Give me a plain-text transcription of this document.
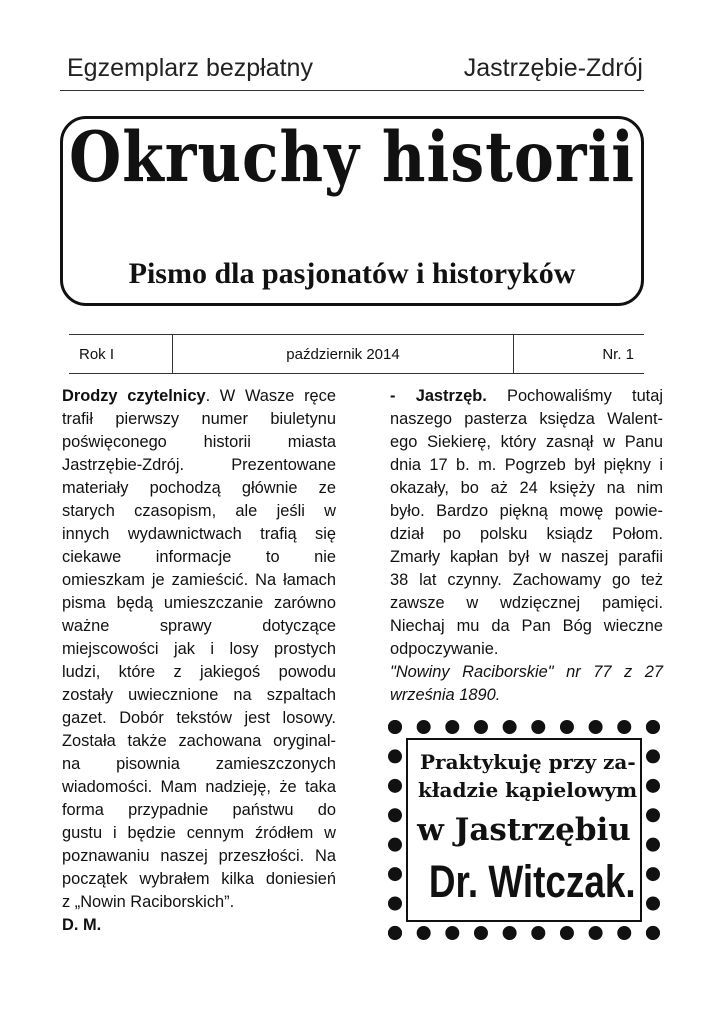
Egzemplarz bezpłatny	Jastrzębie-Zdrój
Okruchy historii
Pismo dla pasjonatów i historyków
Rok I	październik 2014	Nr. 1
Drodzy czytelnicy. W Wasze ręce
trafił pierwszy numer biuletynu
poświęconego historii miasta
Jastrzębie-Zdrój. Prezentowane
materiały pochodzą głównie ze
starych czasopism, ale jeśli w
innych wydawnictwach trafią się
ciekawe informacje to nie
omieszkam je zamieścić. Na łamach
pisma będą umieszczanie zarówno
ważne sprawy dotyczące
miejscowości jak i losy prostych
ludzi, które z jakiegoś powodu
zostały uwiecznione na szpaltach
gazet. Dobór tekstów jest losowy.
Została także zachowana oryginal-
na pisownia zamieszczonych
wiadomości. Mam nadzieję, że taka
forma przypadnie państwu do
gustu i będzie cennym źródłem w
poznawaniu naszej przeszłości. Na
początek wybrałem kilka doniesień
z „Nowin Raciborskich”.
D. M.
- Jastrzęb. Pochowaliśmy tutaj
naszego pasterza księdza Walent-
ego Siekierę, który zasnął w Panu
dnia 17 b. m. Pogrzeb był piękny i
okazały, bo aż 24 księży na nim
było. Bardzo piękną mowę powie-
dział po polsku ksiądz Połom.
Zmarły kapłan był w naszej parafii
38 lat czynny. Zachowamy go też
zawsze w wdzięcznej pamięci.
Niechaj mu da Pan Bóg wieczne
odpoczywanie.
"Nowiny Raciborskie" nr 77 z 27
września 1890.
Praktykuję przy za-
kładzie kąpielowym
w Jastrzębiu
Dr. Witczak.
